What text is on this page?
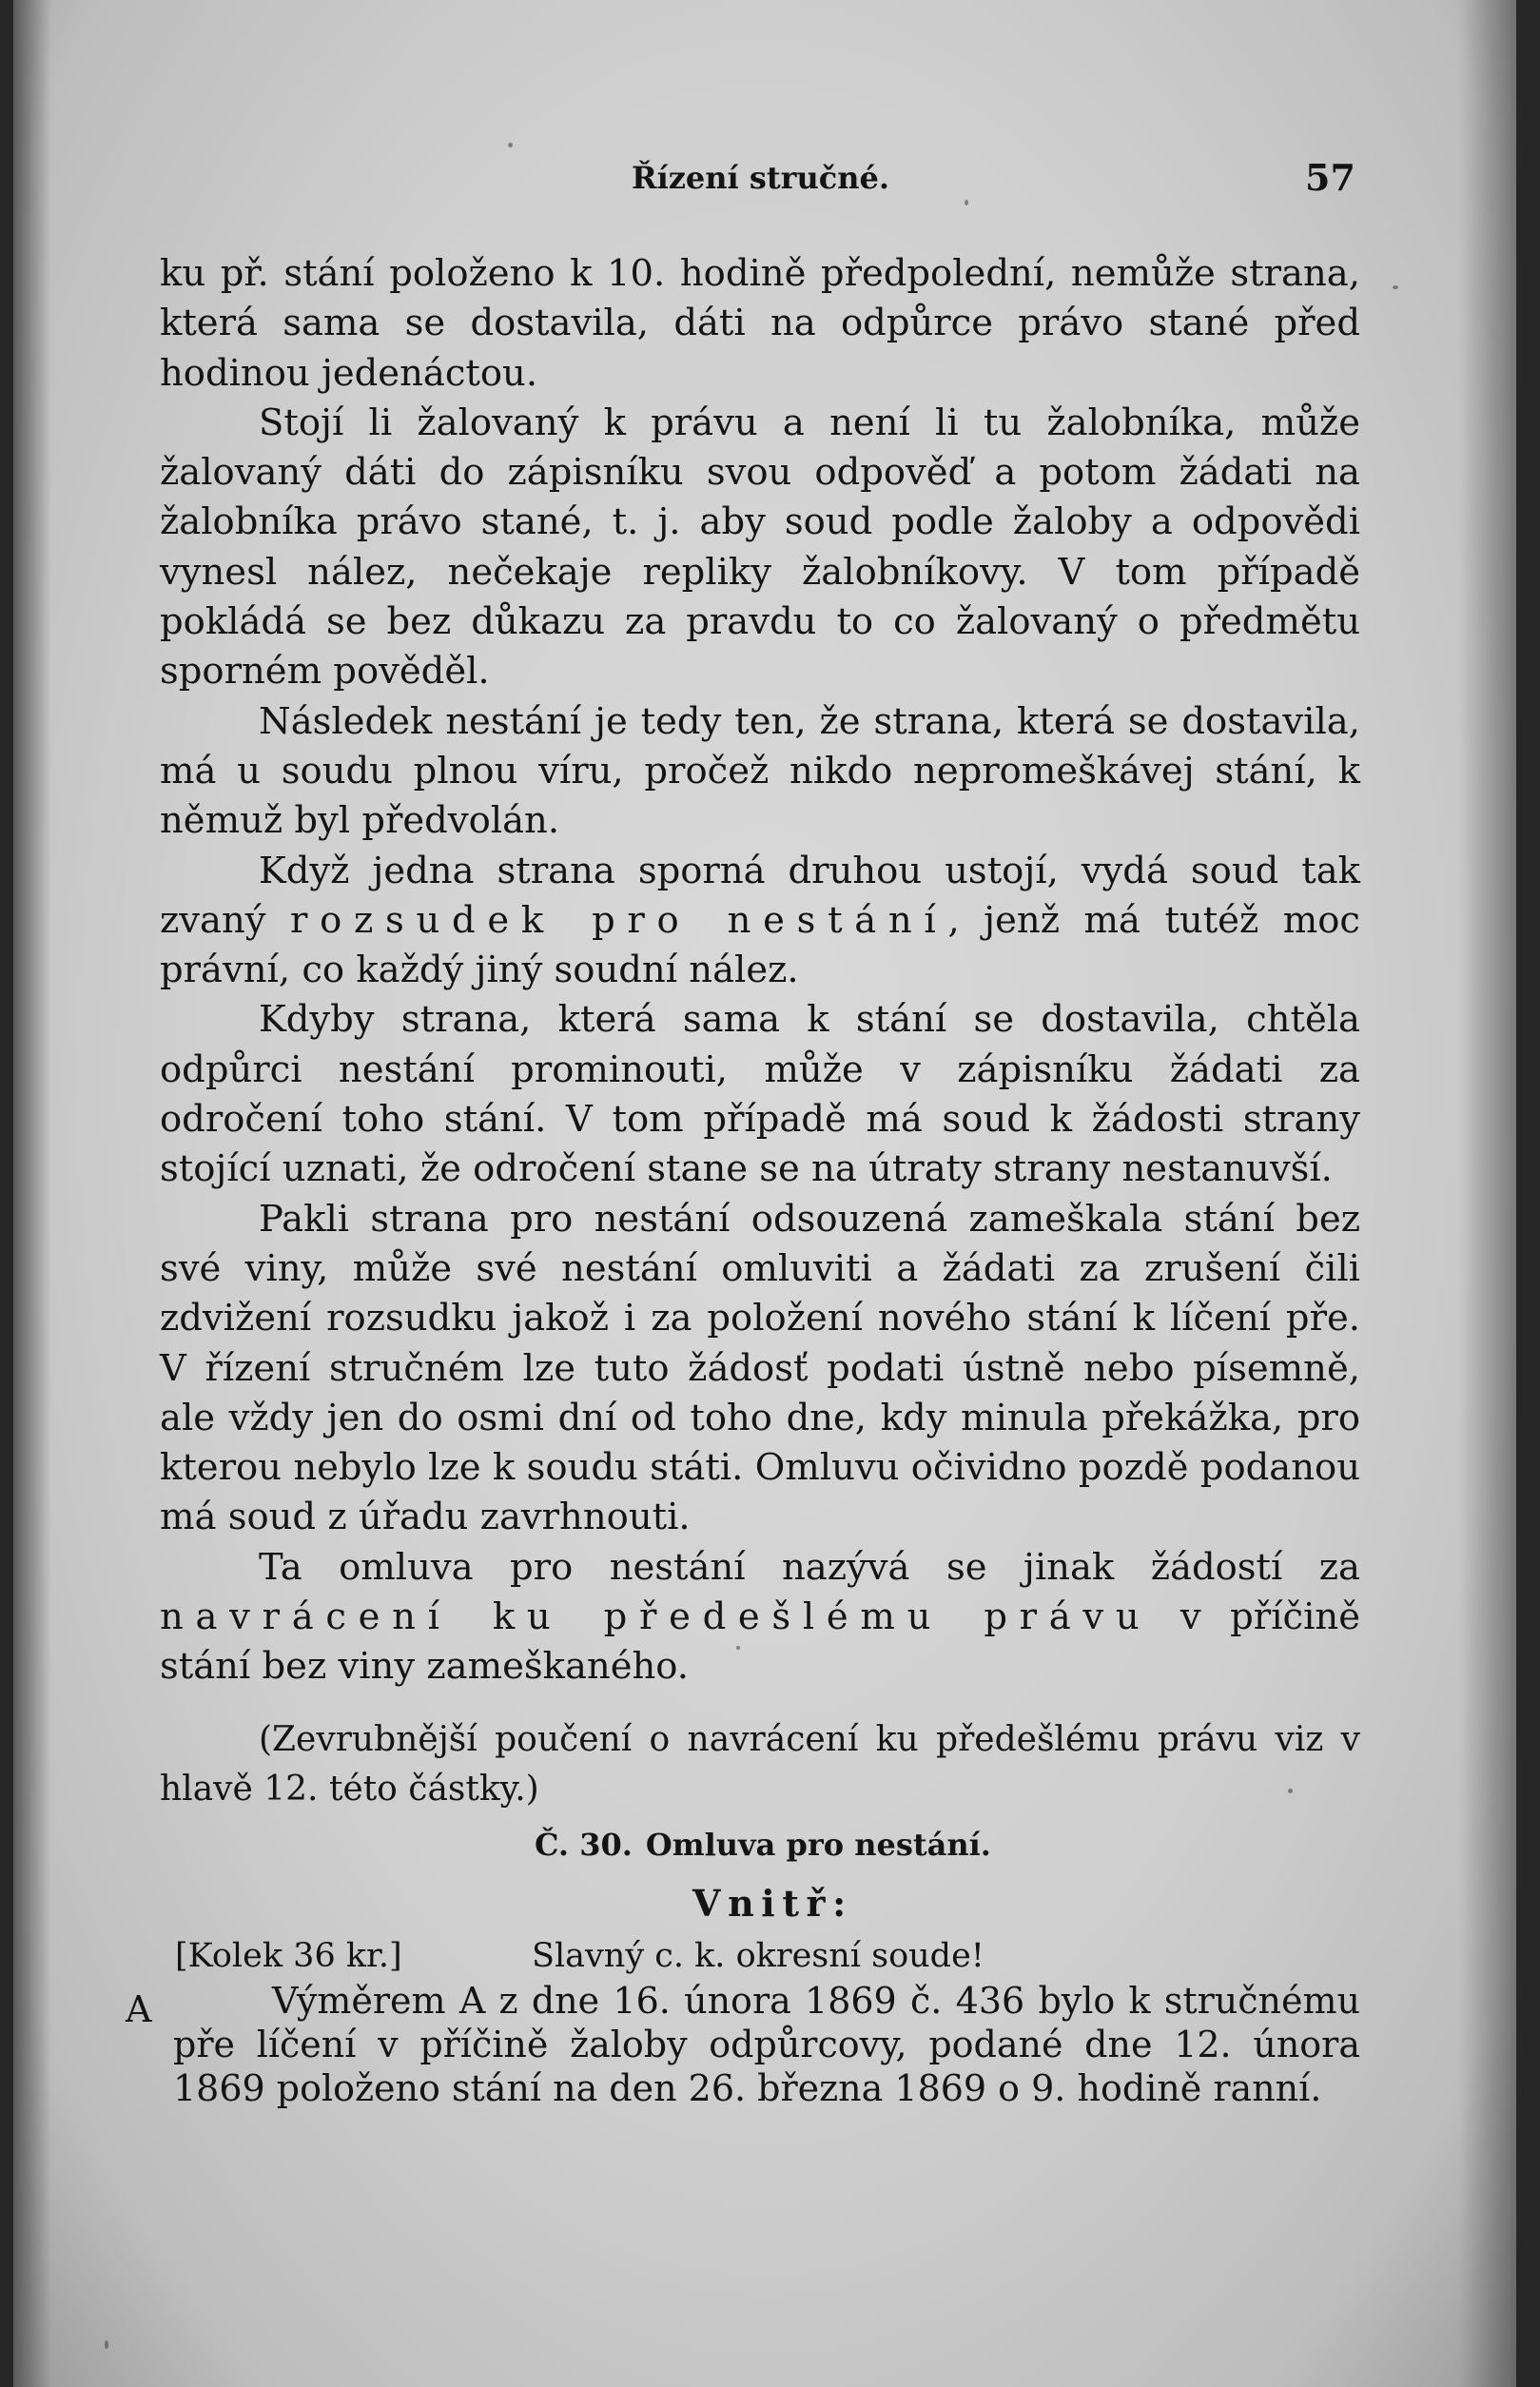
Řízení stručné.	57

ku př. stání položeno k 10. hodině předpolední, nemůže strana, která sama se dostavila, dáti na odpůrce právo stané před hodinou jedenáctou.

Stojí li žalovaný k právu a není li tu žalobníka, může žalovaný dáti do zápisníku svou odpověď a potom žádati na žalobníka právo stané, t. j. aby soud podle žaloby a odpovědi vynesl nález, nečekaje repliky žalobníkovy. V tom případě pokládá se bez důkazu za pravdu to co žalovaný o předmětu sporném pověděl.

Následek nestání je tedy ten, že strana, která se dostavila, má u soudu plnou víru, pročež nikdo nepromeškávej stání, k němuž byl předvolán.

Když jedna strana sporná druhou ustojí, vydá soud tak zvaný rozsudek pro nestání, jenž má tutéž moc právní, co každý jiný soudní nález.

Kdyby strana, která sama k stání se dostavila, chtěla odpůrci nestání prominouti, může v zápisníku žádati za odročení toho stání. V tom případě má soud k žádosti strany stojící uznati, že odročení stane se na útraty strany nestanuvší.

Pakli strana pro nestání odsouzená zameškala stání bez své viny, může své nestání omluviti a žádati za zrušení čili zdvižení rozsudku jakož i za položení nového stání k líčení pře. V řízení stručném lze tuto žádosť podati ústně nebo písemně, ale vždy jen do osmi dní od toho dne, kdy minula překážka, pro kterou nebylo lze k soudu státi. Omluvu očividno pozdě podanou má soud z úřadu zavrhnouti.

Ta omluva pro nestání nazývá se jinak žádostí za navrácení ku předešlému právu v příčině stání bez viny zameškaného.

(Zevrubnější poučení o navrácení ku předešlému právu viz v hlavě 12. této částky.)

Č. 30. Omluva pro nestání.
Vnitř:
[Kolek 36 kr.]	Slavný c. k. okresní soude!
A	Výměrem A z dne 16. února 1869 č. 436 bylo k stručnému pře líčení v příčině žaloby odpůrcovy, podané dne 12. února 1869 položeno stání na den 26. března 1869 o 9. hodině ranní.
